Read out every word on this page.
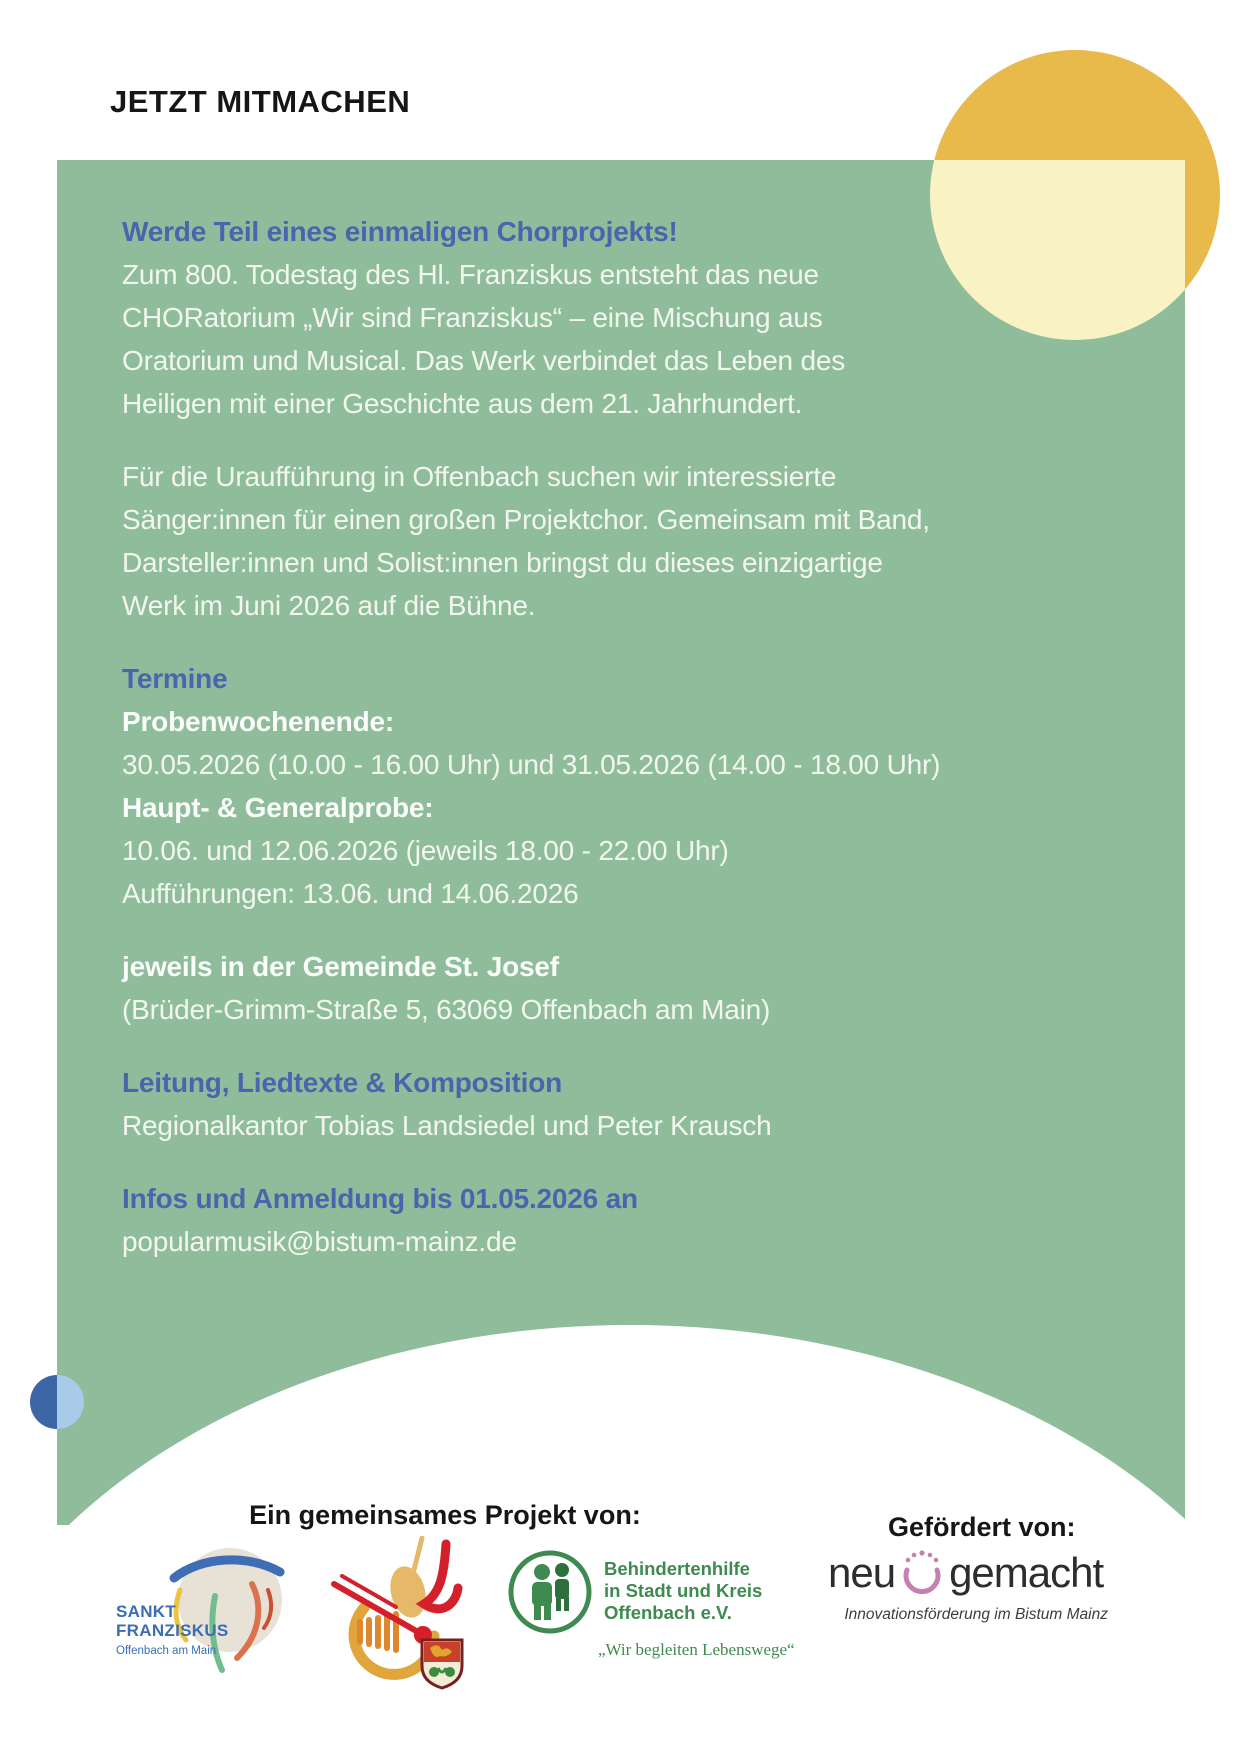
JETZT MITMACHEN
Werde Teil eines einmaligen Chorprojekts!
Zum 800. Todestag des Hl. Franziskus entsteht das neue
CHORatorium „Wir sind Franziskus“ – eine Mischung aus
Oratorium und Musical. Das Werk verbindet das Leben des
Heiligen mit einer Geschichte aus dem 21. Jahrhundert.
Für die Uraufführung in Offenbach suchen wir interessierte
Sänger:innen für einen großen Projektchor. Gemeinsam mit Band,
Darsteller:innen und Solist:innen bringst du dieses einzigartige
Werk im Juni 2026 auf die Bühne.
Termine
Probenwochenende:
30.05.2026 (10.00 - 16.00 Uhr) und 31.05.2026 (14.00 - 18.00 Uhr)
Haupt- & Generalprobe:
10.06. und 12.06.2026 (jeweils 18.00 - 22.00 Uhr)
Aufführungen: 13.06. und 14.06.2026
jeweils in der Gemeinde St. Josef
(Brüder-Grimm-Straße 5, 63069 Offenbach am Main)
Leitung, Liedtexte & Komposition
Regionalkantor Tobias Landsiedel und Peter Krausch
Infos und Anmeldung bis 01.05.2026 an
popularmusik@bistum-mainz.de
Ein gemeinsames Projekt von:	Gefördert von:
SANKT
FRANZISKUS
Offenbach am Main
Behindertenhilfe
in Stadt und Kreis
Offenbach e.V.
„Wir begleiten Lebenswege“
neu gemacht
Innovationsförderung im Bistum Mainz
